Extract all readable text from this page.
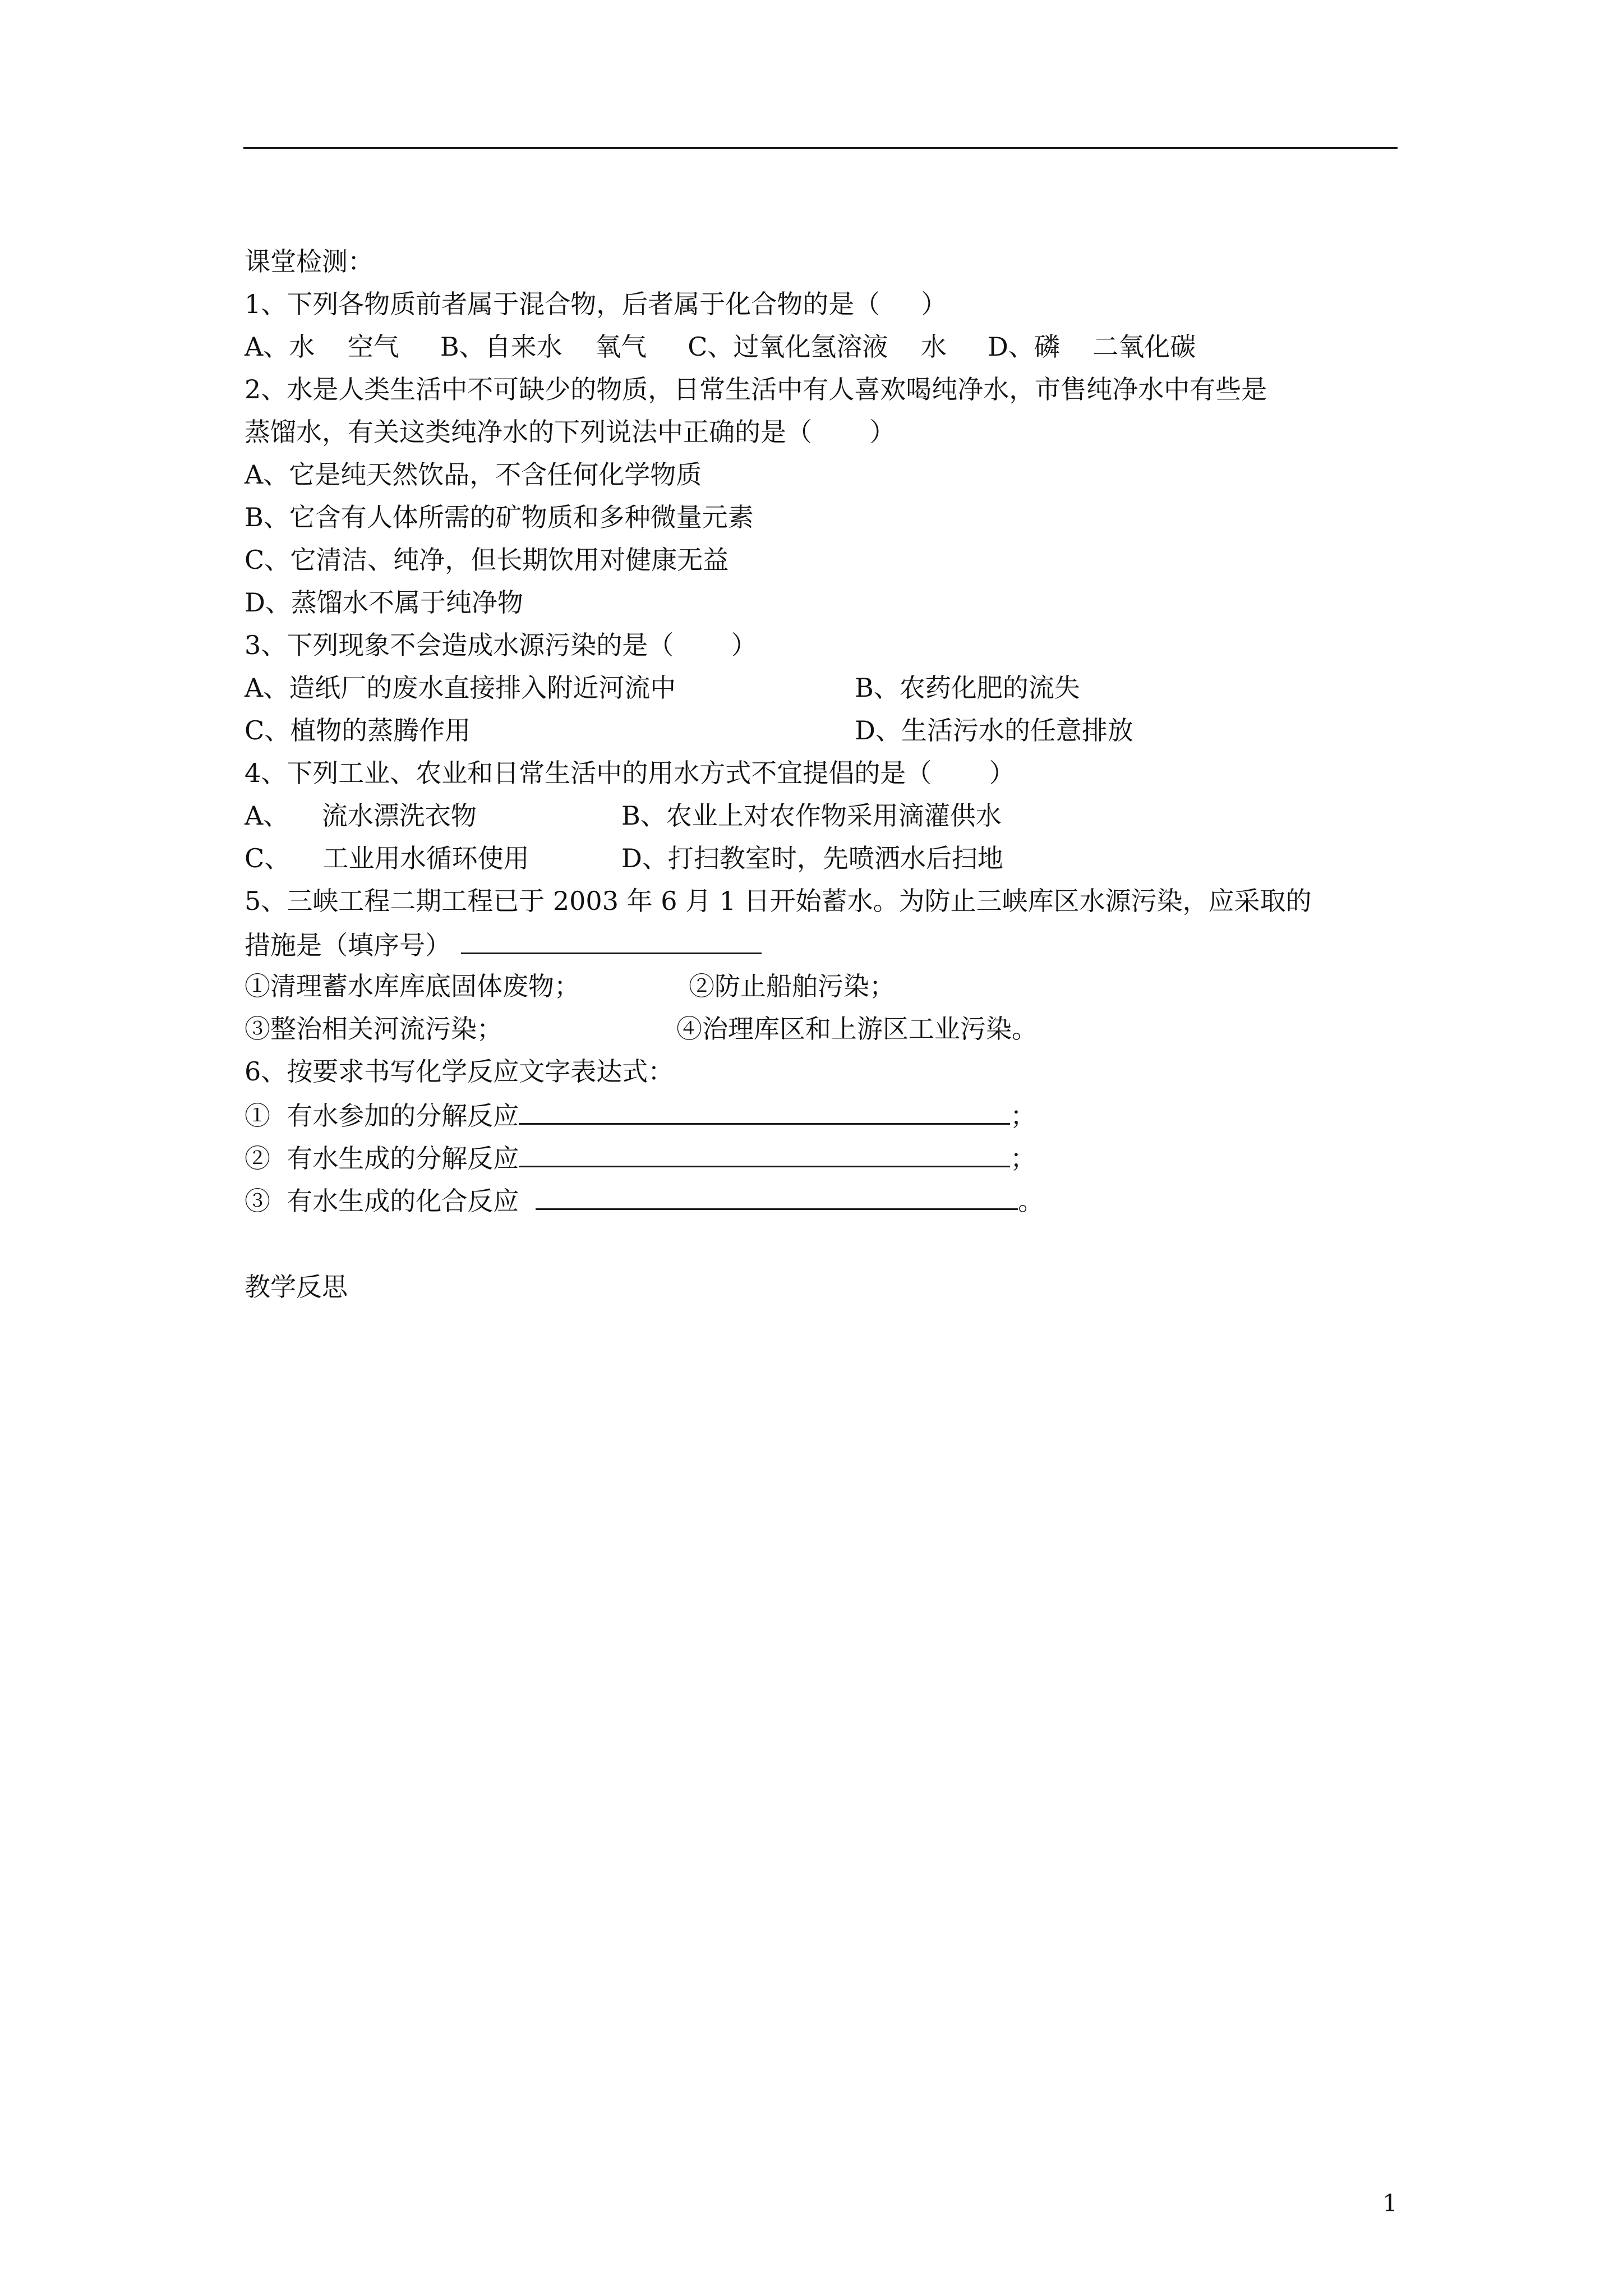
课堂检测：
1、下列各物质前者属于混合物，后者属于化合物的是（     ）
A、水    空气     B、自来水    氧气     C、过氧化氢溶液    水     D、磷    二氧化碳
2、水是人类生活中不可缺少的物质，日常生活中有人喜欢喝纯净水，市售纯净水中有些是
蒸馏水，有关这类纯净水的下列说法中正确的是（       ）
A、它是纯天然饮品，不含任何化学物质
B、它含有人体所需的矿物质和多种微量元素
C、它清洁、纯净，但长期饮用对健康无益
D、蒸馏水不属于纯净物
3、下列现象不会造成水源污染的是（       ）
A、造纸厂的废水直接排入附近河流中	B、农药化肥的流失
C、植物的蒸腾作用	D、生活污水的任意排放
4、下列工业、农业和日常生活中的用水方式不宜提倡的是（       ）
A、    流水漂洗衣物	B、农业上对农作物采用滴灌供水
C、    工业用水循环使用	D、打扫教室时，先喷洒水后扫地
5、三峡工程二期工程已于 2003 年 6 月 1 日开始蓄水。为防止三峡库区水源污染，应采取的
措施是（填序号）
①清理蓄水库库底固体废物；	②防止船舶污染；
③整治相关河流污染；	④治理库区和上游区工业污染。
6、按要求书写化学反应文字表达式：
①  有水参加的分解反应	；
②  有水生成的分解反应	；
③  有水生成的化合反应	。
教学反思
1
